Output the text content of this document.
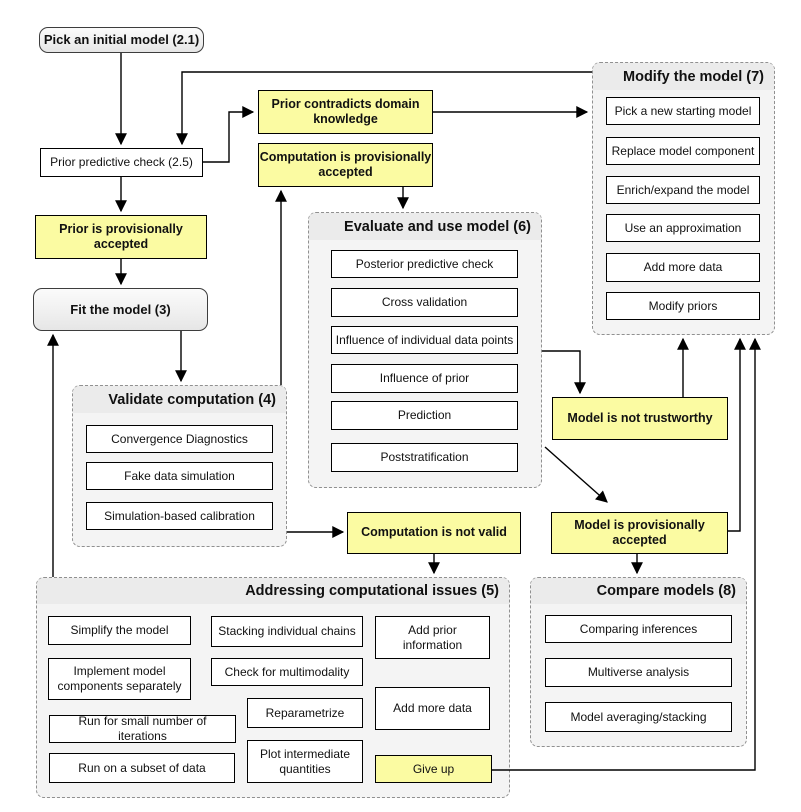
Modify the model (7)
Evaluate and use model (6)
Validate computation (4)
Addressing computational issues (5)	Compare models (8)
Pick an initial model (2.1)
Prior predictive check (2.5)
Prior contradicts domain knowledge
Computation is provisionally accepted
Prior is provisionally accepted
Fit the model (3)
Model is not trustworthy
Computation is not valid
Model is provisionally accepted
Pick a new starting model
Replace model component
Enrich/expand the model
Use an approximation
Add more data
Modify priors
Posterior predictive check
Cross validation
Influence of individual data points
Influence of prior
Prediction
Poststratification
Convergence Diagnostics
Fake data simulation
Simulation-based calibration
Simplify the model
Implement model components separately
Run for small number of iterations
Run on a subset of data
Stacking individual chains
Check for multimodality
Reparametrize
Plot intermediate quantities
Add prior information
Add more data
Give up
Comparing inferences
Multiverse analysis
Model averaging/stacking
